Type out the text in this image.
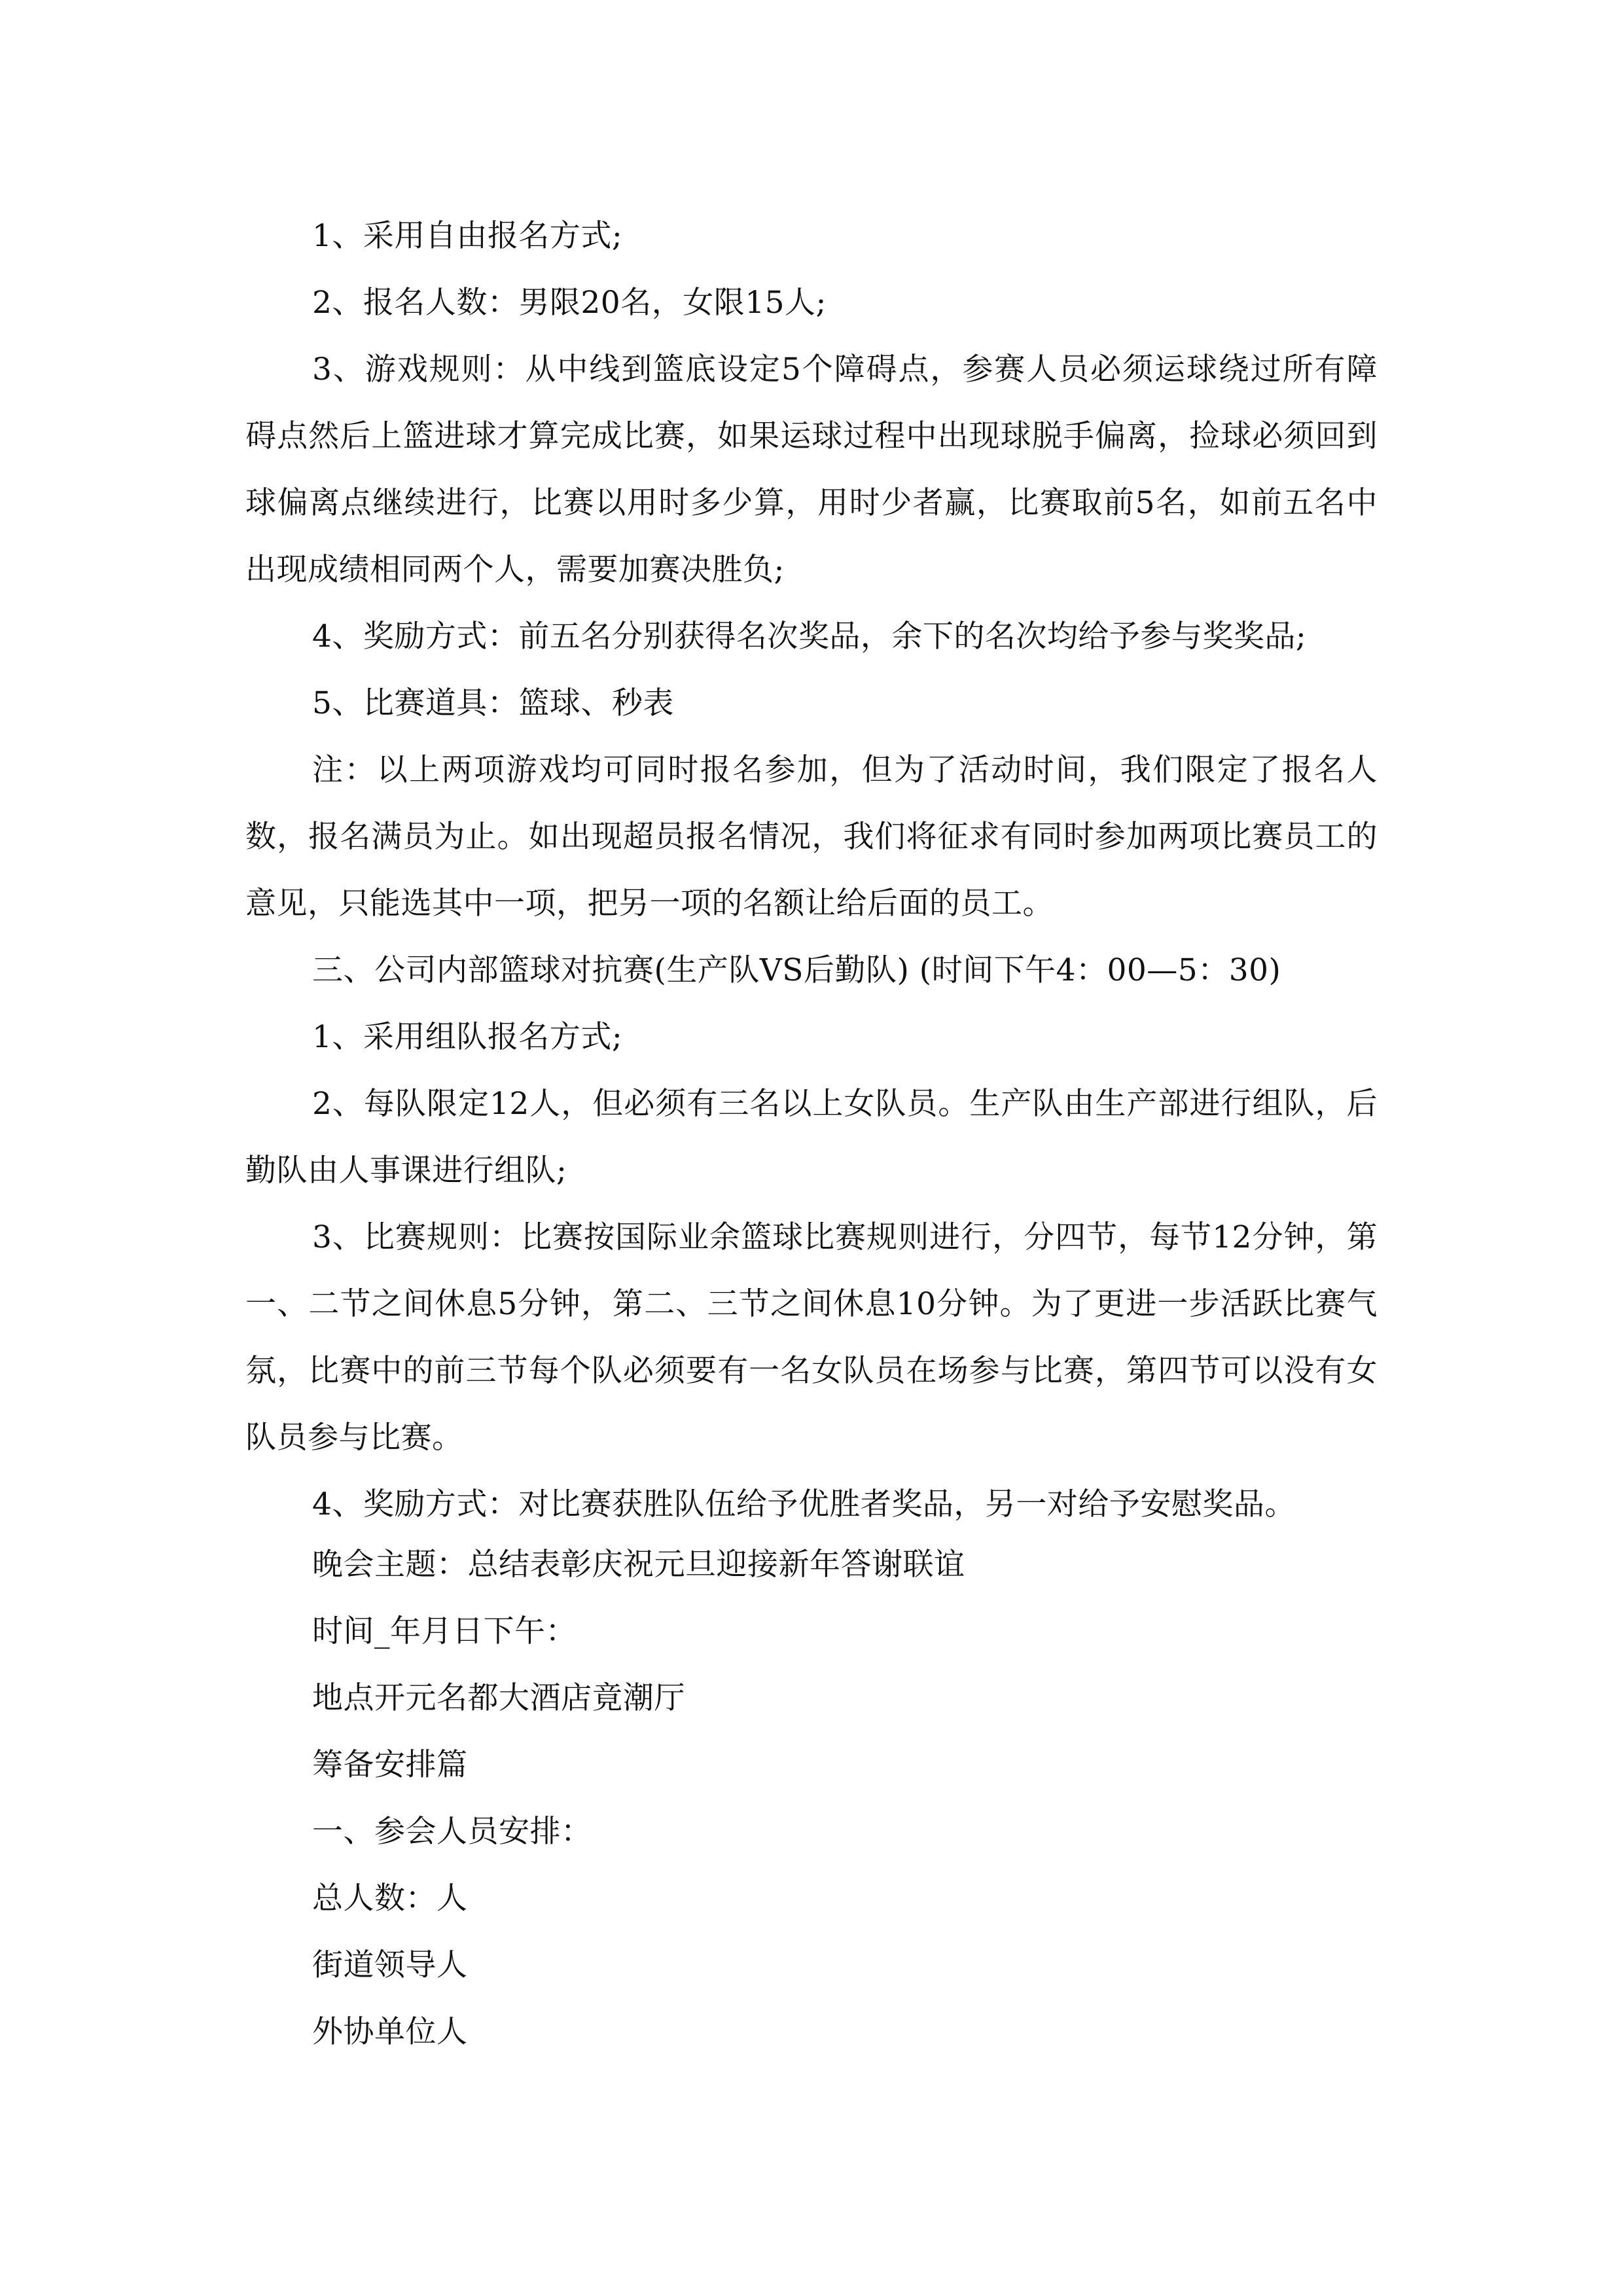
1、采用自由报名方式;

2、报名人数：男限20名，女限15人;

3、游戏规则：从中线到篮底设定5个障碍点，参赛人员必须运球绕过所有障碍点然后上篮进球才算完成比赛，如果运球过程中出现球脱手偏离，捡球必须回到球偏离点继续进行，比赛以用时多少算，用时少者赢，比赛取前5名，如前五名中出现成绩相同两个人，需要加赛决胜负;

4、奖励方式：前五名分别获得名次奖品，余下的名次均给予参与奖奖品;

5、比赛道具：篮球、秒表

注：以上两项游戏均可同时报名参加，但为了活动时间，我们限定了报名人数，报名满员为止。如出现超员报名情况，我们将征求有同时参加两项比赛员工的意见，只能选其中一项，把另一项的名额让给后面的员工。

三、公司内部篮球对抗赛(生产队VS后勤队) (时间下午4：00—5：30)

1、采用组队报名方式;

2、每队限定12人，但必须有三名以上女队员。生产队由生产部进行组队，后勤队由人事课进行组队;

3、比赛规则：比赛按国际业余篮球比赛规则进行，分四节，每节12分钟，第一、二节之间休息5分钟，第二、三节之间休息10分钟。为了更进一步活跃比赛气氛，比赛中的前三节每个队必须要有一名女队员在场参与比赛，第四节可以没有女队员参与比赛。

4、奖励方式：对比赛获胜队伍给予优胜者奖品，另一对给予安慰奖品。

晚会主题：总结表彰庆祝元旦迎接新年答谢联谊

时间_年月日下午：

地点开元名都大酒店竟潮厅

筹备安排篇

一、参会人员安排：

总人数：人

街道领导人

外协单位人
